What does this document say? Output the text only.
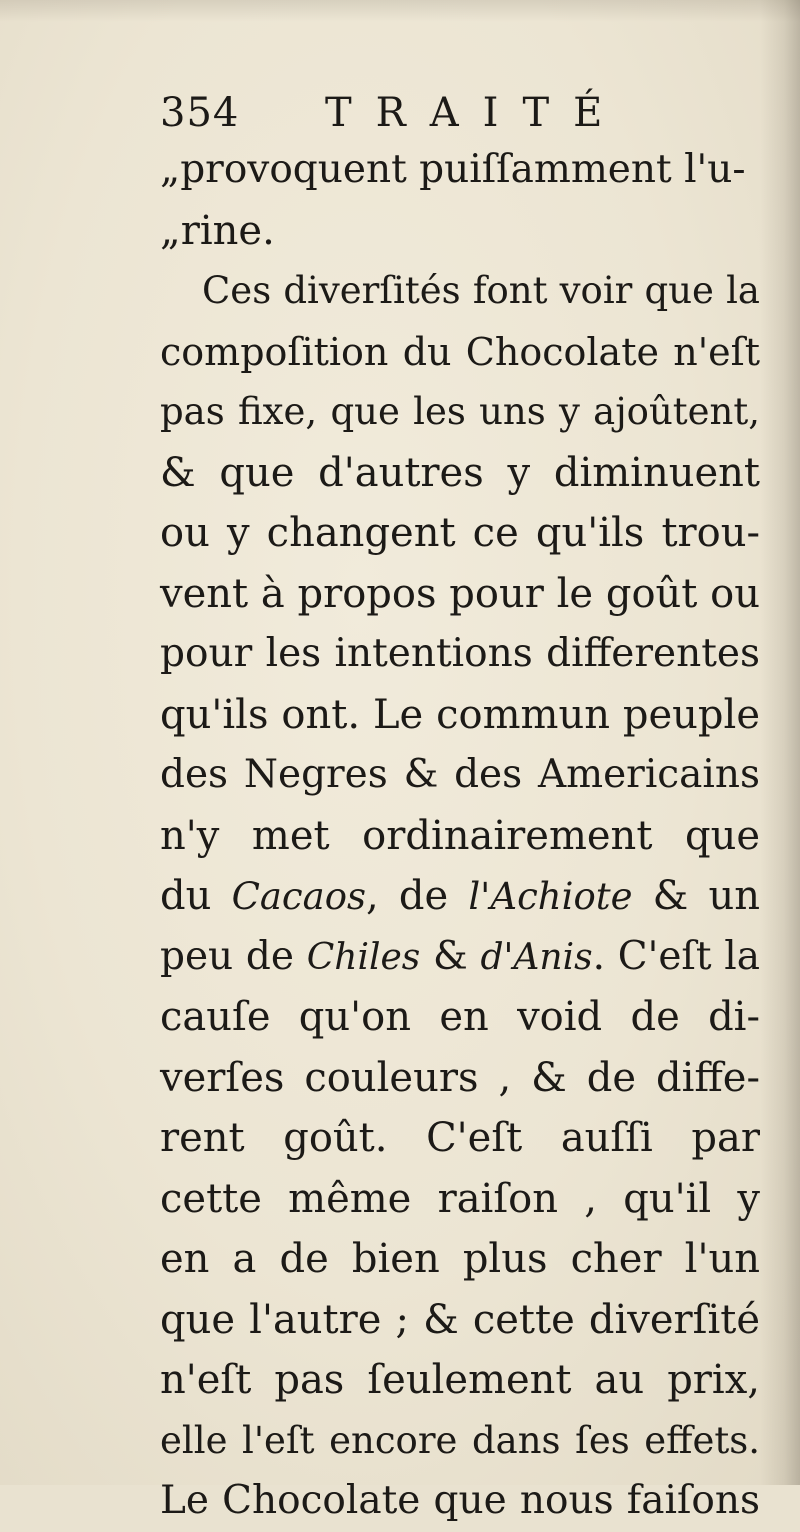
354 TRAITÉ
„provoquent puiſſamment l'u-
„rine.
Ces diverſités font voir que la
compoſition du Chocolate n'eſt
pas fixe, que les uns y ajoûtent,
& que d'autres y diminuent
ou y changent ce qu'ils trou-
vent à propos pour le goût ou
pour les intentions differentes
qu'ils ont. Le commun peuple
des Negres & des Americains
n'y met ordinairement que
du Cacaos, de l'Achiote & un
peu de Chiles & d'Anis. C'eſt la
cauſe qu'on en void de di-
verſes couleurs , & de diffe-
rent goût. C'eſt auſſi par
cette même raiſon , qu'il y
en a de bien plus cher l'un
que l'autre ; & cette diverſité
n'eſt pas ſeulement au prix,
elle l'eſt encore dans ſes effets.
Le Chocolate que nous faiſons
